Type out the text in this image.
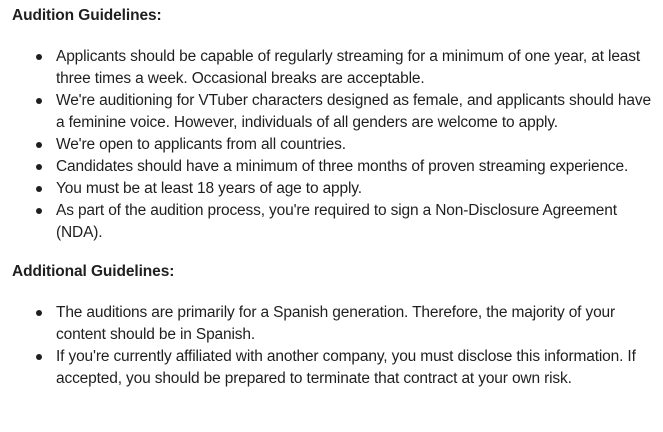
Audition Guidelines:

Applicants should be capable of regularly streaming for a minimum of one year, at least three times a week. Occasional breaks are acceptable.
We're auditioning for VTuber characters designed as female, and applicants should have a feminine voice. However, individuals of all genders are welcome to apply.
We're open to applicants from all countries.
Candidates should have a minimum of three months of proven streaming experience.
You must be at least 18 years of age to apply.
As part of the audition process, you're required to sign a Non-Disclosure Agreement (NDA).

Additional Guidelines:

The auditions are primarily for a Spanish generation. Therefore, the majority of your content should be in Spanish.
If you're currently affiliated with another company, you must disclose this information. If accepted, you should be prepared to terminate that contract at your own risk.
